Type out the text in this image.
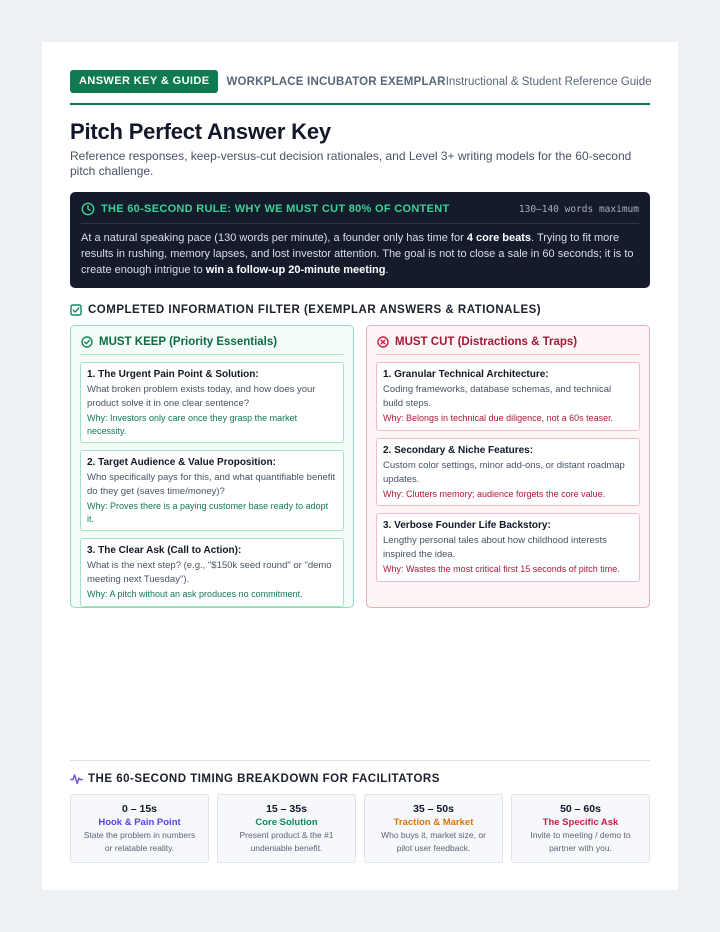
ANSWER KEY & GUIDE	WORKPLACE INCUBATOR EXEMPLAR Instructional & Student Reference Guide
Pitch Perfect Answer Key

Reference responses, keep-versus-cut decision rationales, and Level 3+ writing models for the 60-second pitch challenge.

THE 60-SECOND RULE: WHY WE MUST CUT 80% OF CONTENT	130–140 words maximum

At a natural speaking pace (130 words per minute), a founder only has time for 4 core beats. Trying to fit more results in rushing, memory lapses, and lost investor attention. The goal is not to close a sale in 60 seconds; it is to create enough intrigue to win a follow-up 20-minute meeting.

COMPLETED INFORMATION FILTER (EXEMPLAR ANSWERS & RATIONALES)
MUST KEEP (Priority Essentials)
1. The Urgent Pain Point & Solution:
What broken problem exists today, and how does your product solve it in one clear sentence?
Why: Investors only care once they grasp the market necessity.
2. Target Audience & Value Proposition:
Who specifically pays for this, and what quantifiable benefit do they get (saves time/money)?
Why: Proves there is a paying customer base ready to adopt it.
3. The Clear Ask (Call to Action):
What is the next step? (e.g., "$150k seed round" or "demo meeting next Tuesday").
Why: A pitch without an ask produces no commitment.
MUST CUT (Distractions & Traps)
1. Granular Technical Architecture:
Coding frameworks, database schemas, and technical build steps.
Why: Belongs in technical due diligence, not a 60s teaser.
2. Secondary & Niche Features:
Custom color settings, minor add-ons, or distant roadmap updates.
Why: Clutters memory; audience forgets the core value.
3. Verbose Founder Life Backstory:
Lengthy personal tales about how childhood interests inspired the idea.
Why: Wastes the most critical first 15 seconds of pitch time.
THE 60-SECOND TIMING BREAKDOWN FOR FACILITATORS
0 – 15s
Hook & Pain Point
State the problem in numbers or relatable reality.
15 – 35s
Core Solution
Present product & the #1 undeniable benefit.
35 – 50s
Traction & Market
Who buys it, market size, or pilot user feedback.
50 – 60s
The Specific Ask
Invite to meeting / demo to partner with you.
